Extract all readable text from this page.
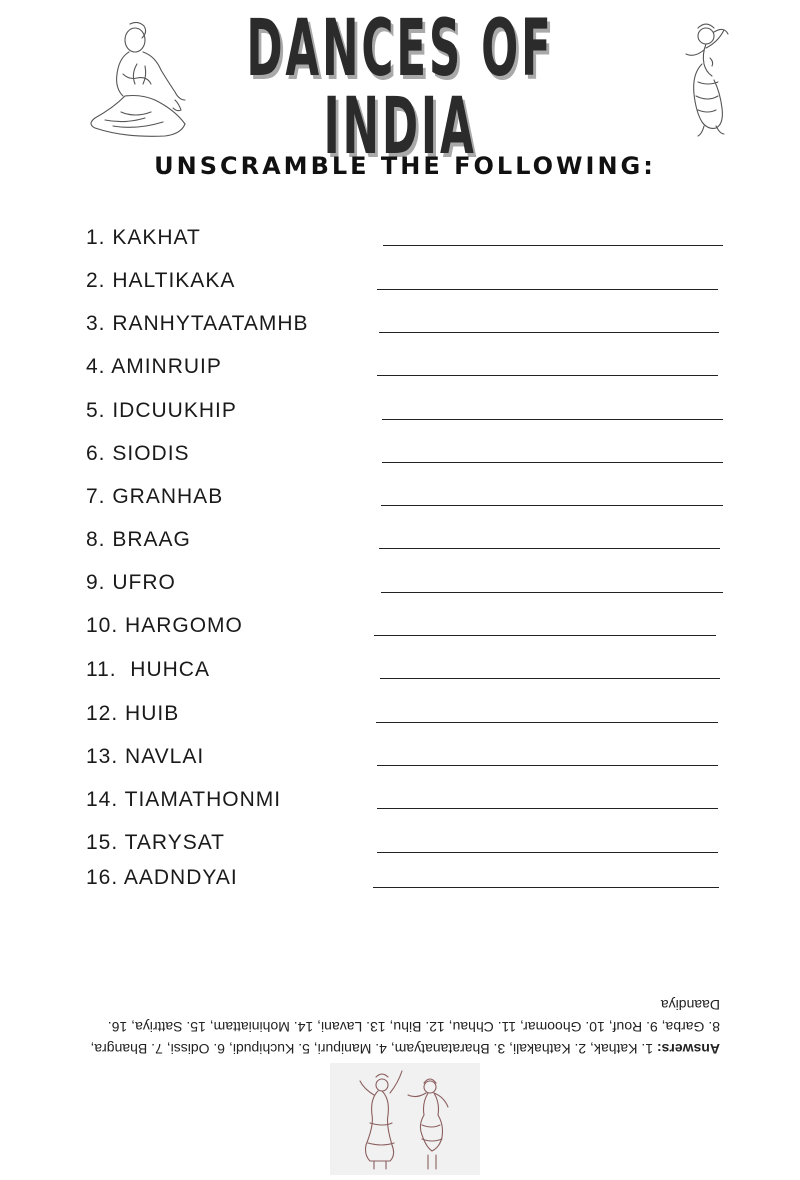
DANCES OF INDIA
UNSCRAMBLE THE FOLLOWING:
1. KAKHAT
2. HALTIKAKA
3. RANHYTAATAMHB
4. AMINRUIP
5. IDCUUKHIP
6. SIODIS
7. GRANHAB
8. BRAAG
9. UFRO
10. HARGOMO
11.  HUHCA
12. HUIB
13. NAVLAI
14. TIAMATHONMI
15. TARYSAT
16. AADNDYAI
Answers: 1. Kathak, 2. Kathakali, 3. Bharatanatyam, 4. Manipuri, 5. Kuchipudi, 6. Odissi, 7. Bhangra, 8. Garba, 9. Rouf, 10. Ghoomar, 11. Chhau, 12. Bihu, 13. Lavani, 14. Mohiniattam, 15. Sattriya, 16. Daandiya
